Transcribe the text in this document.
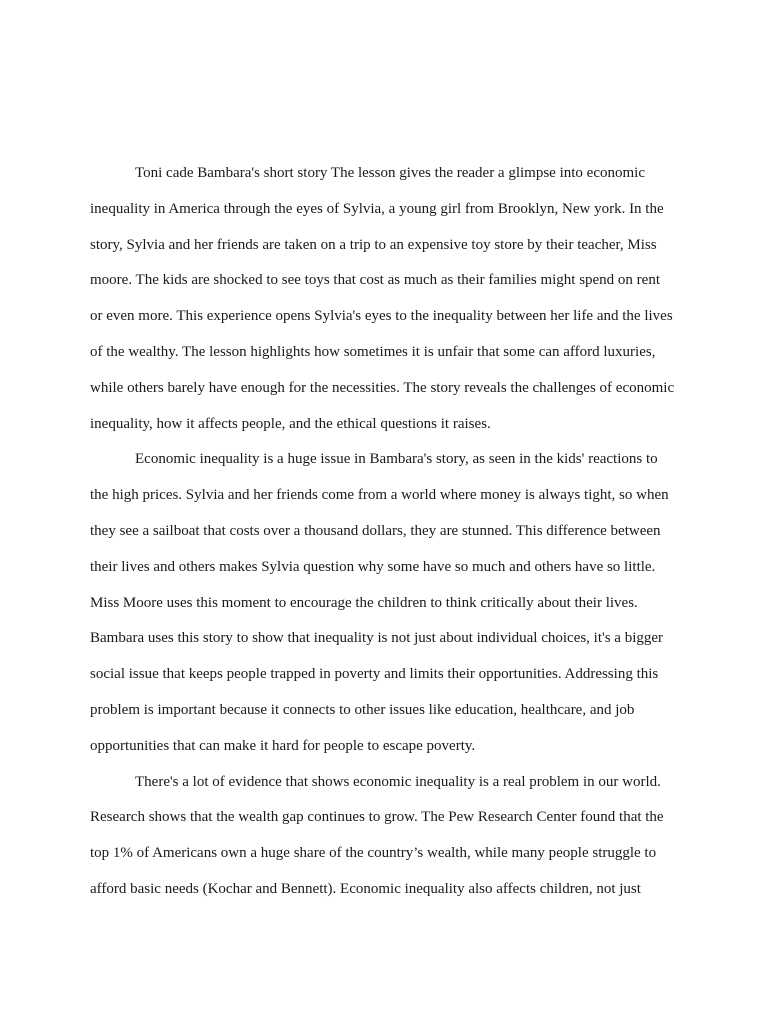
Toni cade Bambara's short story The lesson gives the reader a glimpse into economic
inequality in America through the eyes of Sylvia, a young girl from Brooklyn, New york. In the
story, Sylvia and her friends are taken on a trip to an expensive toy store by their teacher, Miss
moore. The kids are shocked to see toys that cost as much as their families might spend on rent
or even more. This experience opens Sylvia's eyes to the inequality between her life and the lives
of the wealthy. The lesson highlights how sometimes it is unfair that some can afford luxuries,
while others barely have enough for the necessities. The story reveals the challenges of economic
inequality, how it affects people, and the ethical questions it raises.
Economic inequality is a huge issue in Bambara's story, as seen in the kids' reactions to
the high prices. Sylvia and her friends come from a world where money is always tight, so when
they see a sailboat that costs over a thousand dollars, they are stunned. This difference between
their lives and others makes Sylvia question why some have so much and others have so little.
Miss Moore uses this moment to encourage the children to think critically about their lives.
Bambara uses this story to show that inequality is not just about individual choices, it's a bigger
social issue that keeps people trapped in poverty and limits their opportunities. Addressing this
problem is important because it connects to other issues like education, healthcare, and job
opportunities that can make it hard for people to escape poverty.
There's a lot of evidence that shows economic inequality is a real problem in our world.
Research shows that the wealth gap continues to grow. The Pew Research Center found that the
top 1% of Americans own a huge share of the country’s wealth, while many people struggle to
afford basic needs (Kochar and Bennett). Economic inequality also affects children, not just
